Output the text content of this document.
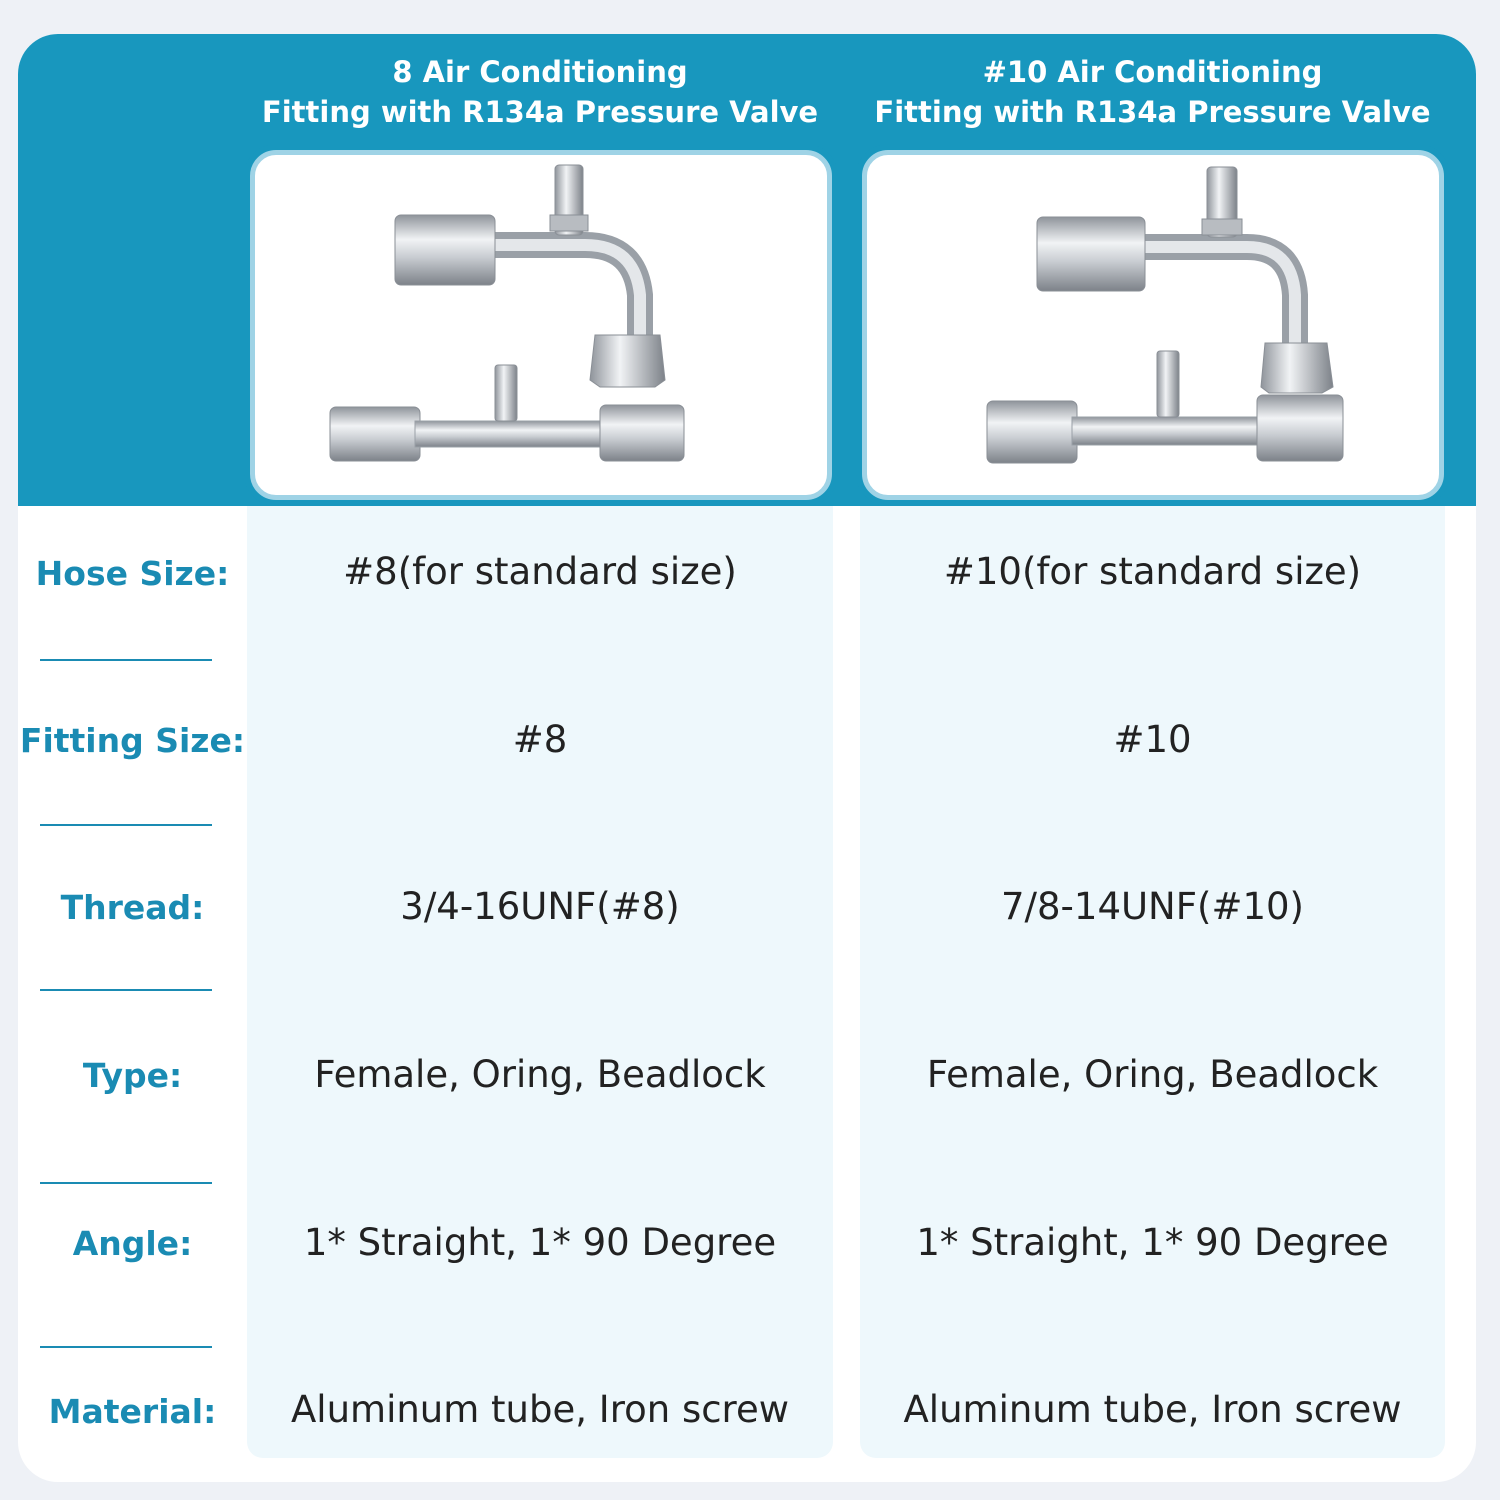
8 Air Conditioning
Fitting with R134a Pressure Valve
#10 Air Conditioning
Fitting with R134a Pressure Valve
Hose Size:	#8(for standard size)	#10(for standard size)
Fitting Size:	#8	#10
Thread:	3/4-16UNF(#8)	7/8-14UNF(#10)
Type:	Female, Oring, Beadlock	Female, Oring, Beadlock
Angle:	1* Straight, 1* 90 Degree	1* Straight, 1* 90 Degree
Material:	Aluminum tube, Iron screw	Aluminum tube, Iron screw
